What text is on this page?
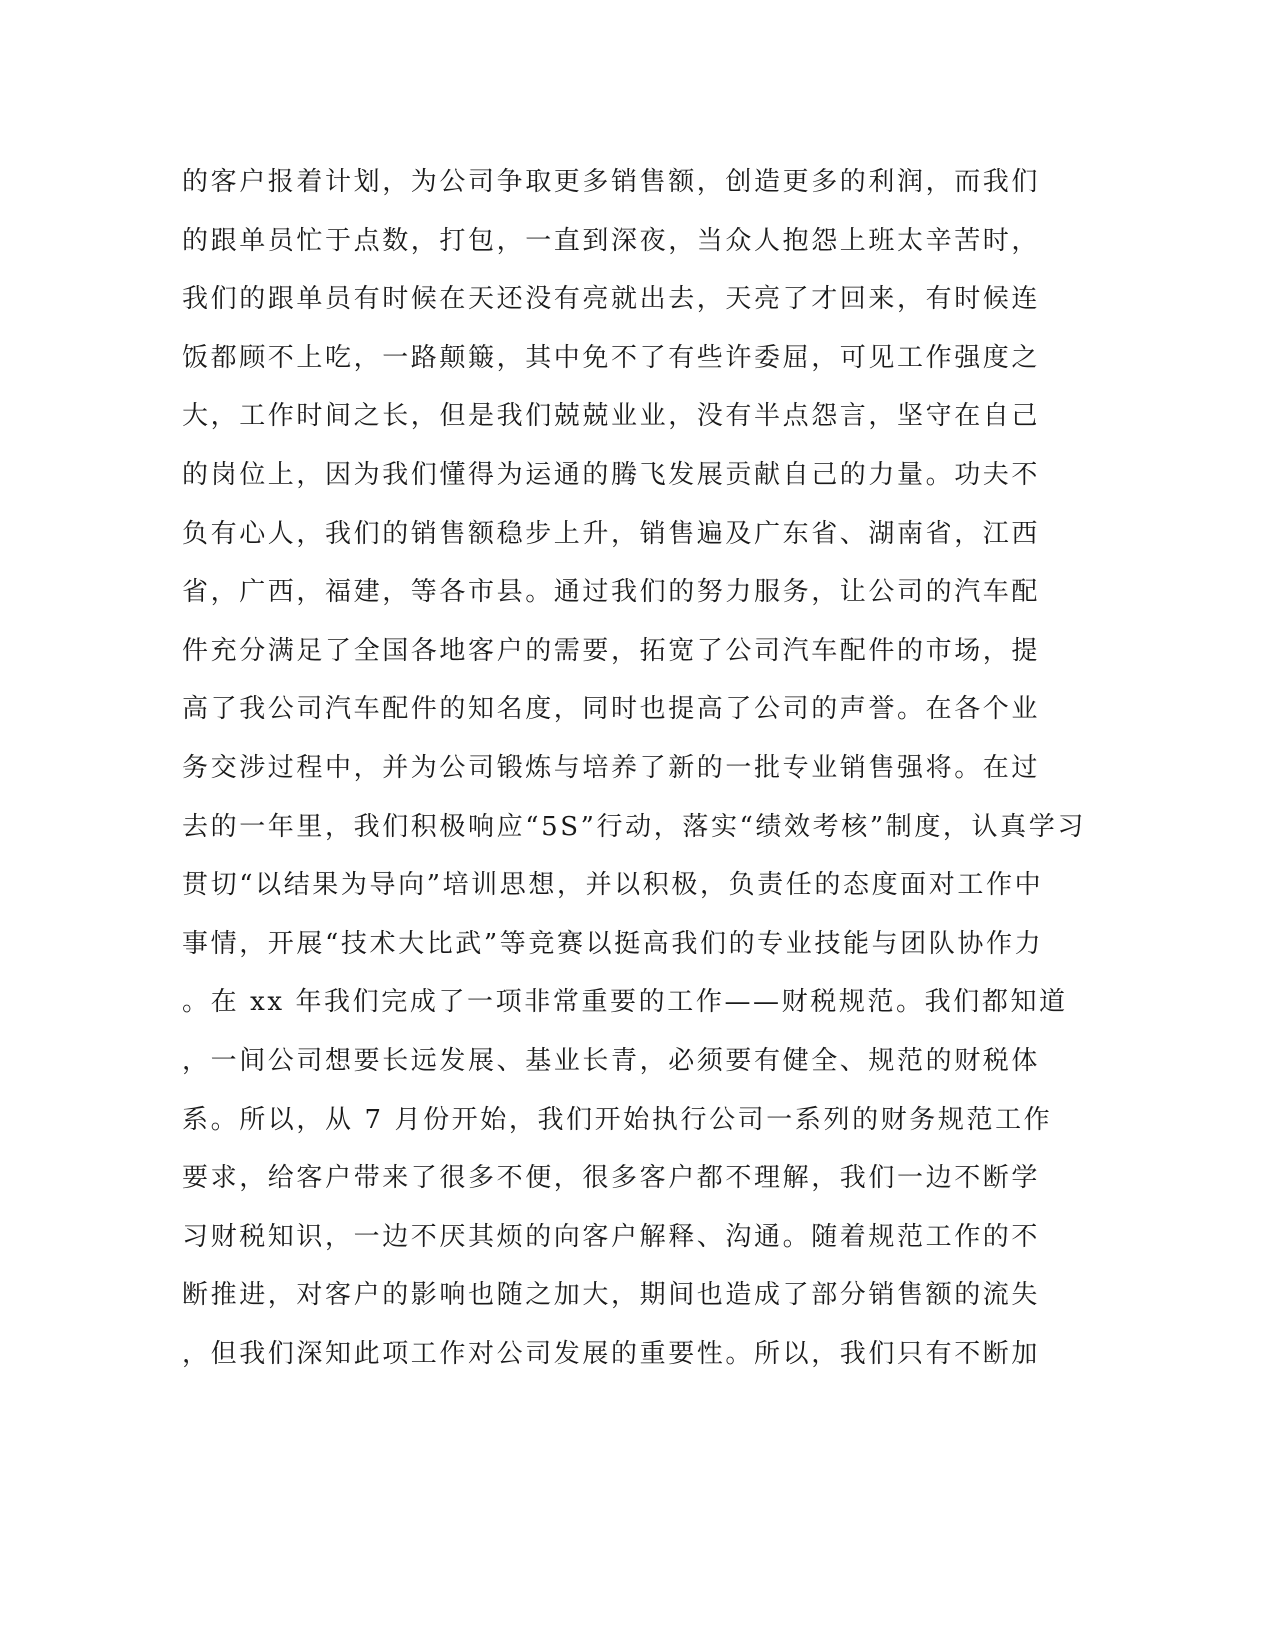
的客户报着计划，为公司争取更多销售额，创造更多的利润，而我们
的跟单员忙于点数，打包，一直到深夜，当众人抱怨上班太辛苦时，
我们的跟单员有时候在天还没有亮就出去，天亮了才回来，有时候连
饭都顾不上吃，一路颠簸，其中免不了有些许委屈，可见工作强度之
大，工作时间之长，但是我们兢兢业业，没有半点怨言，坚守在自己
的岗位上，因为我们懂得为运通的腾飞发展贡献自己的力量。功夫不
负有心人，我们的销售额稳步上升，销售遍及广东省、湖南省，江西
省，广西，福建，等各市县。通过我们的努力服务，让公司的汽车配
件充分满足了全国各地客户的需要，拓宽了公司汽车配件的市场，提
高了我公司汽车配件的知名度，同时也提高了公司的声誉。在各个业
务交涉过程中，并为公司锻炼与培养了新的一批专业销售强将。在过
去的一年里，我们积极响应“5S”行动，落实“绩效考核”制度，认真学习
贯切“以结果为导向”培训思想，并以积极，负责任的态度面对工作中
事情，开展“技术大比武”等竞赛以挺高我们的专业技能与团队协作力
。在 xx 年我们完成了一项非常重要的工作——财税规范。我们都知道
，一间公司想要长远发展、基业长青，必须要有健全、规范的财税体
系。所以，从 7 月份开始，我们开始执行公司一系列的财务规范工作
要求，给客户带来了很多不便，很多客户都不理解，我们一边不断学
习财税知识，一边不厌其烦的向客户解释、沟通。随着规范工作的不
断推进，对客户的影响也随之加大，期间也造成了部分销售额的流失
，但我们深知此项工作对公司发展的重要性。所以，我们只有不断加
